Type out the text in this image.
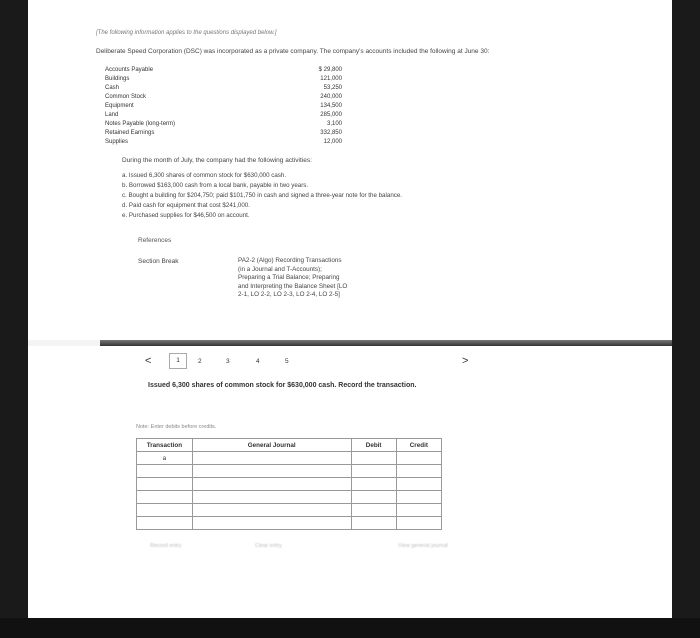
[The following information applies to the questions displayed below.]
Deliberate Speed Corporation (DSC) was incorporated as a private company. The company's accounts included the following at June 30:
Accounts Payable	$ 29,800
Buildings	121,000
Cash	53,250
Common Stock	240,000
Equipment	134,500
Land	285,000
Notes Payable (long-term)	3,100
Retained Earnings	332,850
Supplies	12,000
During the month of July, the company had the following activities:
a. Issued 6,300 shares of common stock for $630,000 cash.
b. Borrowed $163,000 cash from a local bank, payable in two years.
c. Bought a building for $204,750; paid $101,750 in cash and signed a three-year note for the balance.
d. Paid cash for equipment that cost $241,000.
e. Purchased supplies for $46,500 on account.
References
Section Break	PA2-2 (Algo) Recording Transactions (in a Journal and T-Accounts); Preparing a Trial Balance; Preparing and Interpreting the Balance Sheet [LO 2-1, LO 2-2, LO 2-3, LO 2-4, LO 2-5]
<	1	2	3	4	5	>
Issued 6,300 shares of common stock for $630,000 cash. Record the transaction.
Note: Enter debits before credits.
Transaction	General Journal	Debit	Credit
a			

Record entry	Clear entry	View general journal
